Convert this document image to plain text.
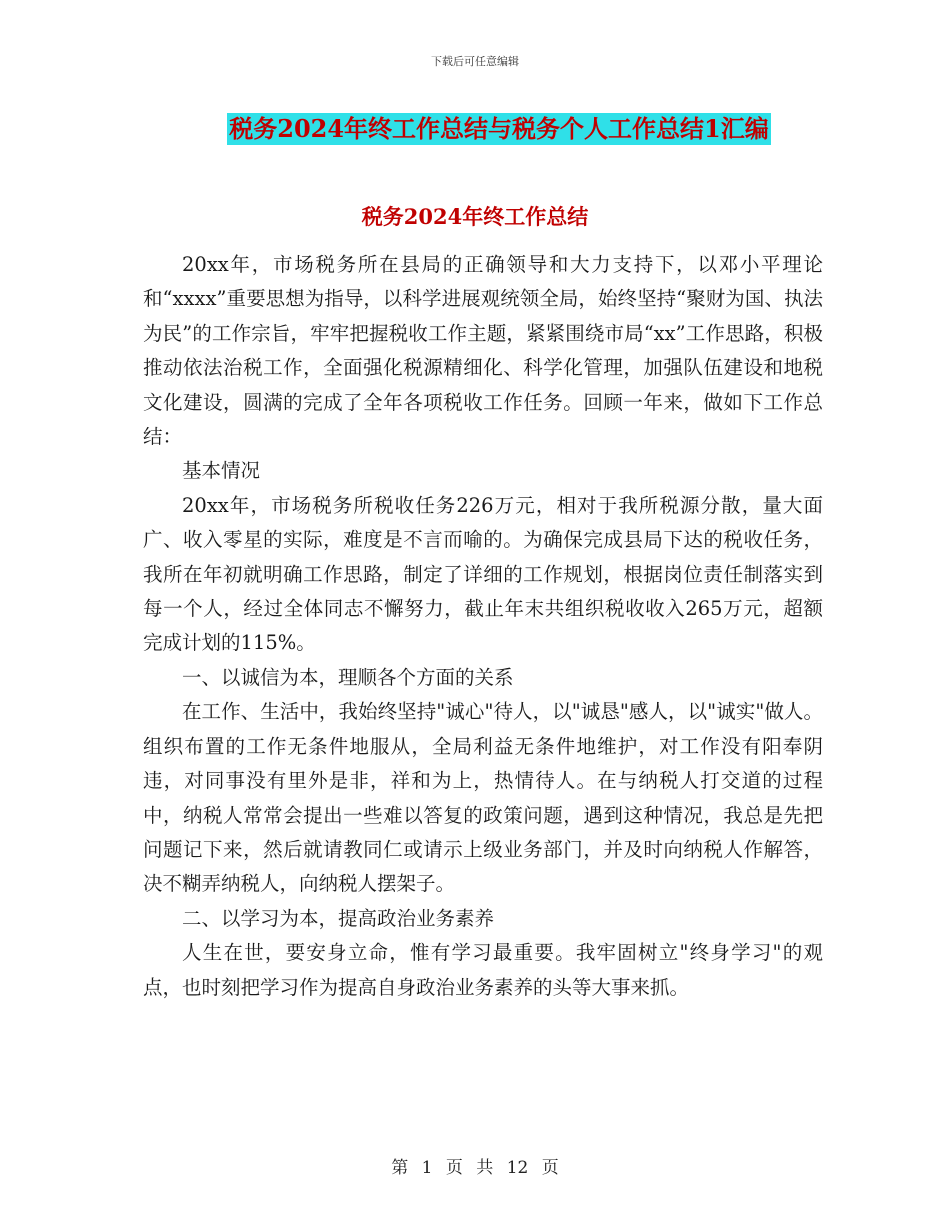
下载后可任意编辑
税务2024年终工作总结与税务个人工作总结1汇编
税务2024年终工作总结

20xx年，市场税务所在县局的正确领导和大力支持下，以邓小平理论和“xxxx”重要思想为指导，以科学进展观统领全局，始终坚持“聚财为国、执法为民”的工作宗旨，牢牢把握税收工作主题，紧紧围绕市局“xx”工作思路，积极推动依法治税工作，全面强化税源精细化、科学化管理，加强队伍建设和地税文化建设，圆满的完成了全年各项税收工作任务。回顾一年来，做如下工作总结：

基本情况

20xx年，市场税务所税收任务226万元，相对于我所税源分散，量大面广、收入零星的实际，难度是不言而喻的。为确保完成县局下达的税收任务，我所在年初就明确工作思路，制定了详细的工作规划，根据岗位责任制落实到每一个人，经过全体同志不懈努力，截止年末共组织税收收入265万元，超额完成计划的115%。

一、以诚信为本，理顺各个方面的关系

在工作、生活中，我始终坚持"诚心"待人，以"诚恳"感人，以"诚实"做人。组织布置的工作无条件地服从，全局利益无条件地维护，对工作没有阳奉阴违，对同事没有里外是非，祥和为上，热情待人。在与纳税人打交道的过程中，纳税人常常会提出一些难以答复的政策问题，遇到这种情况，我总是先把问题记下来，然后就请教同仁或请示上级业务部门，并及时向纳税人作解答，决不糊弄纳税人，向纳税人摆架子。

二、以学习为本，提高政治业务素养

人生在世，要安身立命，惟有学习最重要。我牢固树立"终身学习"的观点，也时刻把学习作为提高自身政治业务素养的头等大事来抓。

第 1 页 共 12 页
